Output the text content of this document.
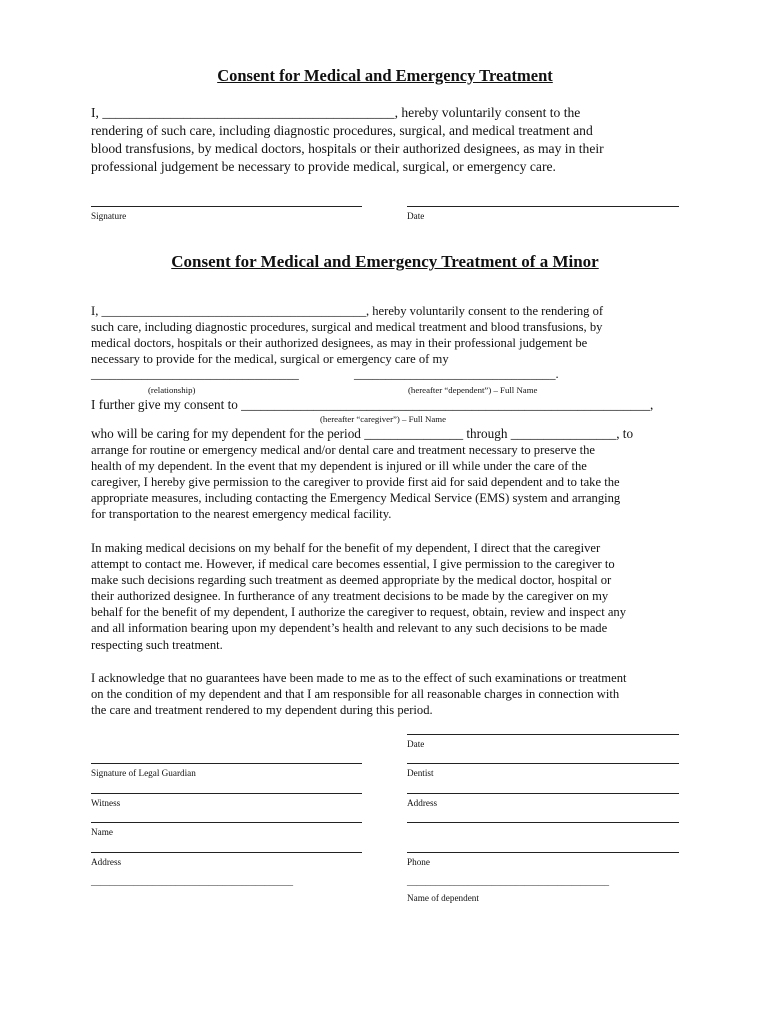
Consent for Medical and Emergency Treatment
I, ___________________________________________, hereby voluntarily consent to the
rendering of such care, including diagnostic procedures, surgical, and medical treatment and
blood transfusions, by medical doctors, hospitals or their authorized designees, as may in their
professional judgement be necessary to provide medical, surgical, or emergency care.
Signature	Date
Consent for Medical and Emergency Treatment of a Minor
I, __________________________________________, hereby voluntarily consent to the rendering of
such care, including diagnostic procedures, surgical and medical treatment and blood transfusions, by
medical doctors, hospitals or their authorized designees, as may in their professional judgement be
necessary to provide for the medical, surgical or emergency care of my
_________________________________	________________________________.
(relationship)	(hereafter “dependent”) – Full Name
I further give my consent to ______________________________________________________________,
(hereafter “caregiver”) – Full Name
who will be caring for my dependent for the period _______________ through ________________, to
arrange for routine or emergency medical and/or dental care and treatment necessary to preserve the
health of my dependent. In the event that my dependent is injured or ill while under the care of the
caregiver, I hereby give permission to the caregiver to provide first aid for said dependent and to take the
appropriate measures, including contacting the Emergency Medical Service (EMS) system and arranging
for transportation to the nearest emergency medical facility.
In making medical decisions on my behalf for the benefit of my dependent, I direct that the caregiver
attempt to contact me. However, if medical care becomes essential, I give permission to the caregiver to
make such decisions regarding such treatment as deemed appropriate by the medical doctor, hospital or
their authorized designee. In furtherance of any treatment decisions to be made by the caregiver on my
behalf for the benefit of my dependent, I authorize the caregiver to request, obtain, review and inspect any
and all information bearing upon my dependent’s health and relevant to any such decisions to be made
respecting such treatment.
I acknowledge that no guarantees have been made to me as to the effect of such examinations or treatment
on the condition of my dependent and that I am responsible for all reasonable charges in connection with
the care and treatment rendered to my dependent during this period.
Date
Signature of Legal Guardian	Dentist
Witness	Address
Name
Address	Phone
___________________________________________	___________________________________________
Name of dependent
